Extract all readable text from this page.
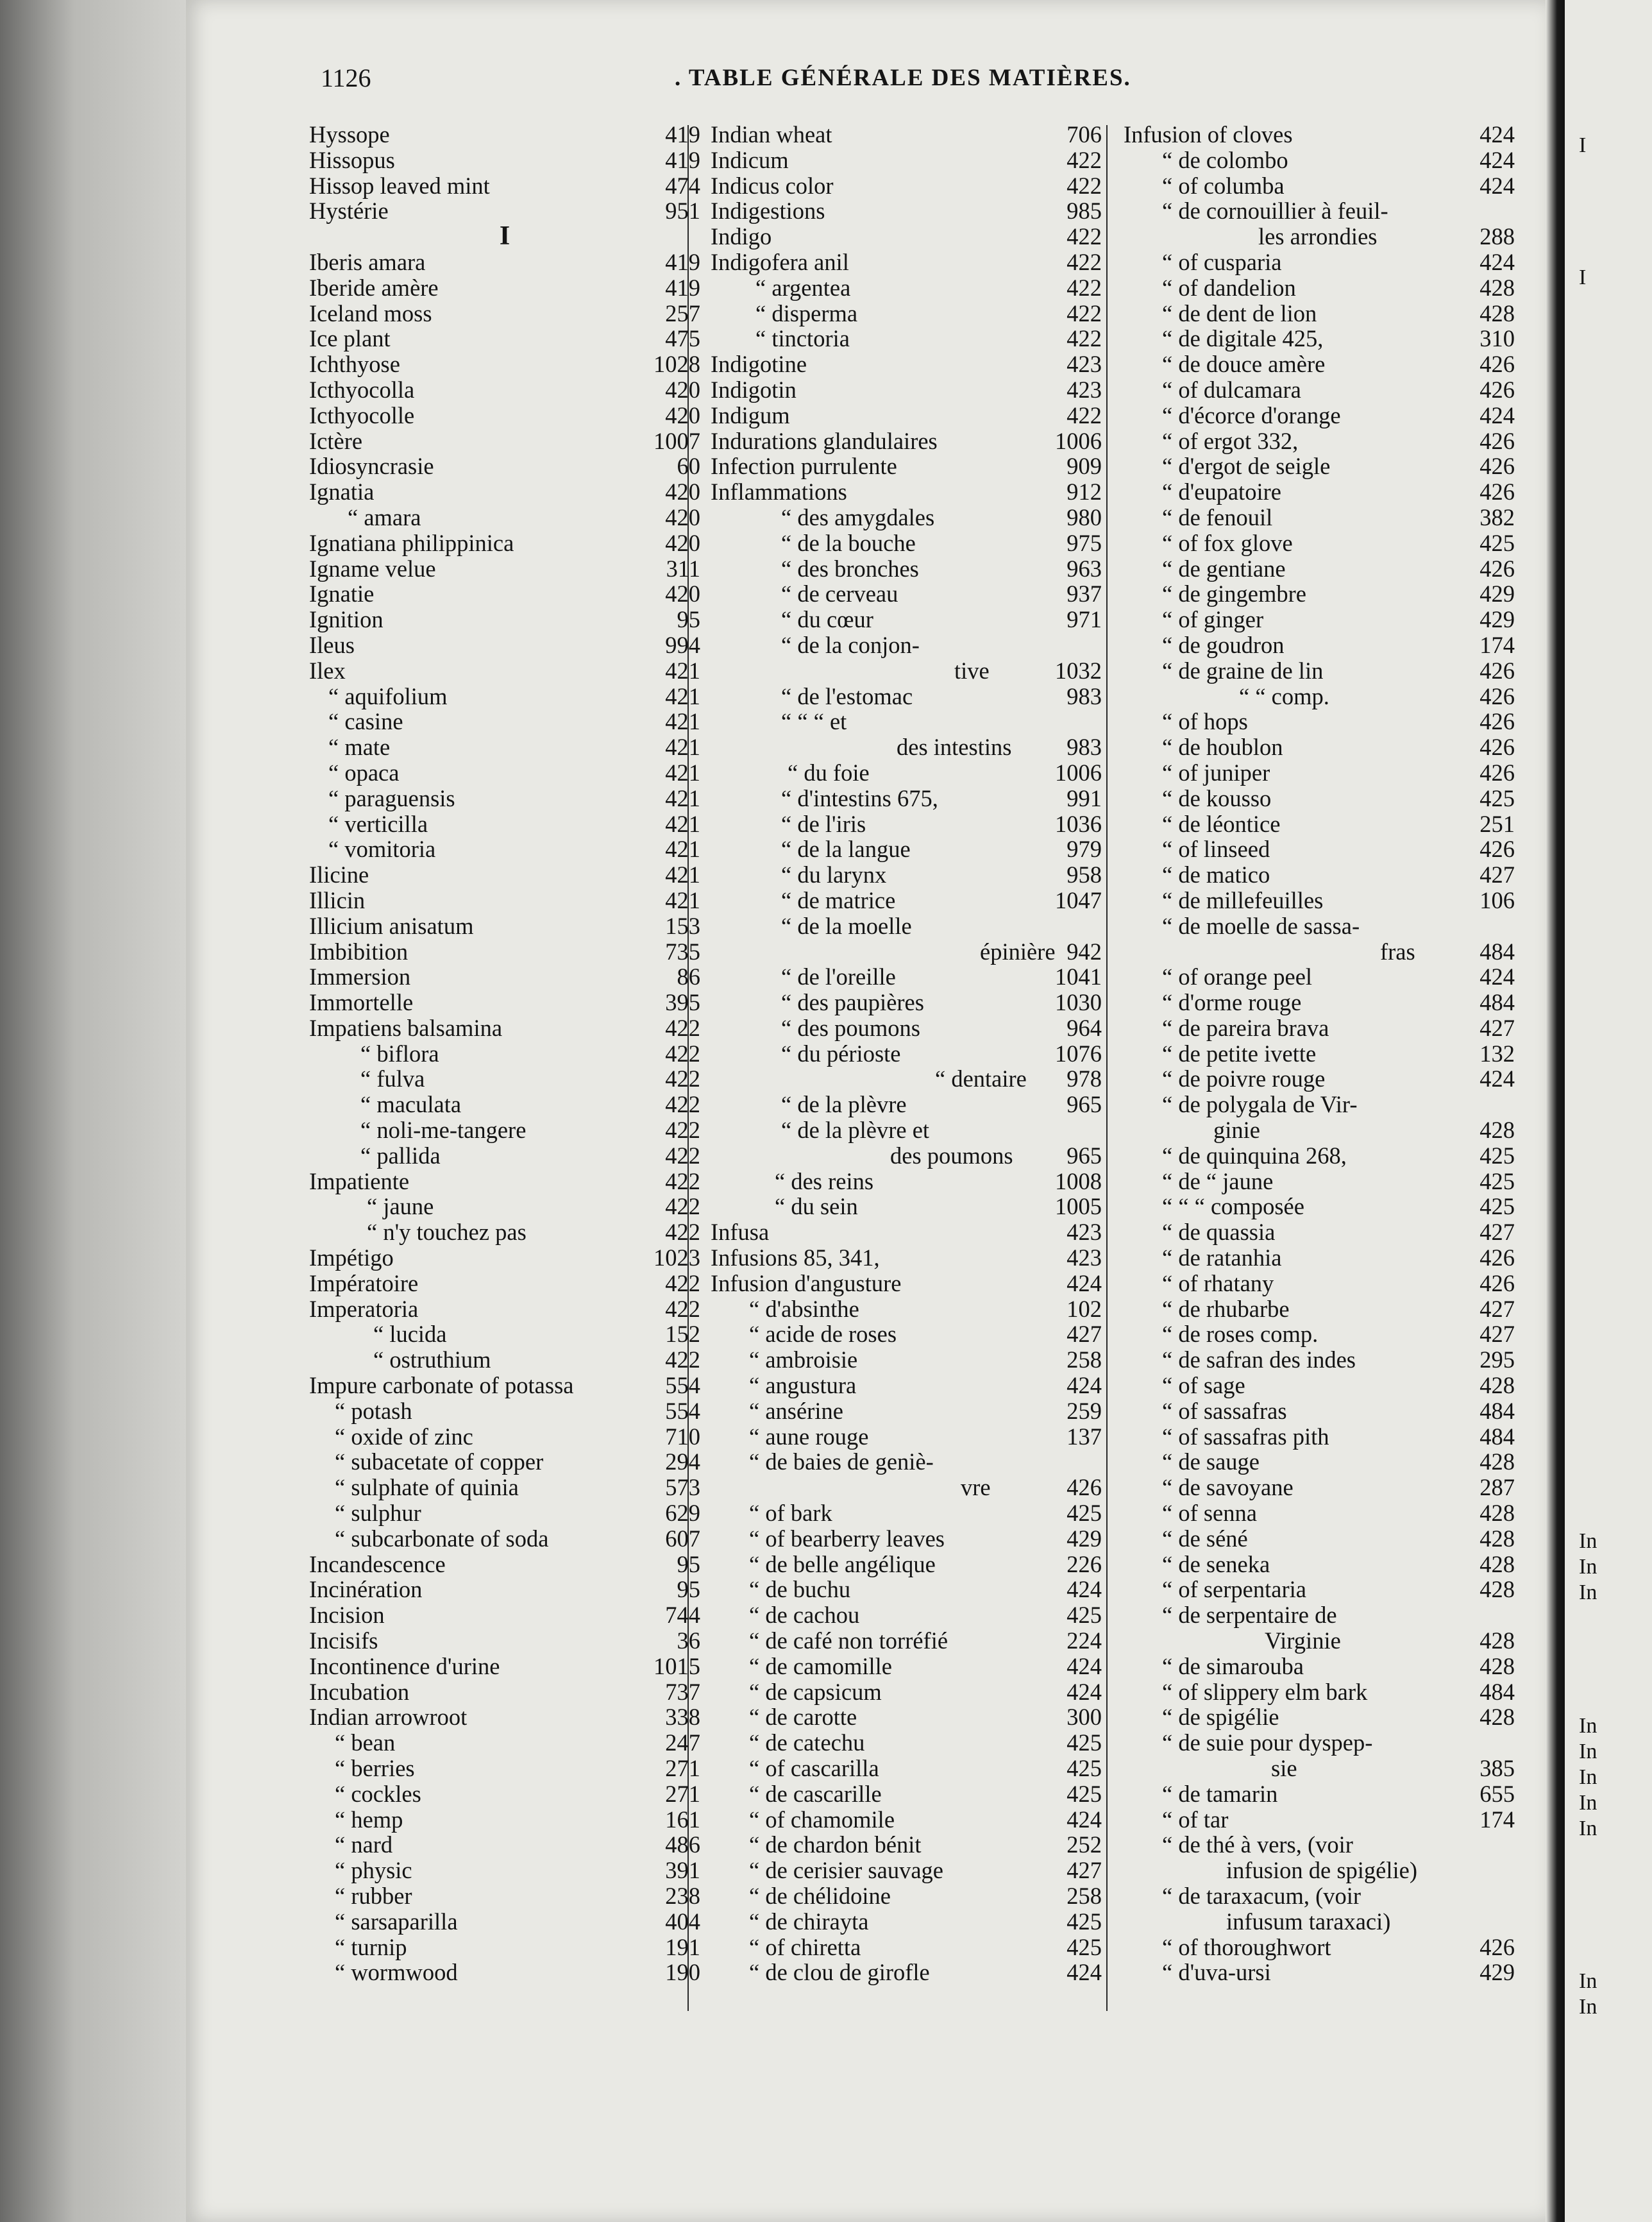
I
I
In
In
In
In
In
In
In
In
In
In
1126	. TABLE GÉNÉRALE DES MATIÈRES.
Hyssope	419
Hissopus	419
Hissop leaved mint	474
Hystérie	951
I
Iberis amara	419
Iberide amère	419
Iceland moss	257
Ice plant	475
Ichthyose	1028
Icthyocolla	420
Icthyocolle	420
Ictère	1007
Idiosyncrasie	60
Ignatia	420
“ amara	420
Ignatiana philippinica	420
Igname velue	311
Ignatie	420
Ignition	95
Ileus	994
Ilex	421
“ aquifolium	421
“ casine	421
“ mate	421
“ opaca	421
“ paraguensis	421
“ verticilla	421
“ vomitoria	421
Ilicine	421
Illicin	421
Illicium anisatum	153
Imbibition	735
Immersion	86
Immortelle	395
Impatiens balsamina	422
“ biflora	422
“ fulva	422
“ maculata	422
“ noli-me-tangere	422
“ pallida	422
Impatiente	422
“ jaune	422
“ n'y touchez pas	422
Impétigo	1023
Impératoire	422
Imperatoria	422
“ lucida	152
“ ostruthium	422
Impure carbonate of potassa	554
“ potash	554
“ oxide of zinc	710
“ subacetate of copper	294
“ sulphate of quinia	573
“ sulphur	629
“ subcarbonate of soda	607
Incandescence	95
Incinération	95
Incision	744
Incisifs	36
Incontinence d'urine	1015
Incubation	737
Indian arrowroot	338
“ bean	247
“ berries	271
“ cockles	271
“ hemp	161
“ nard	486
“ physic	391
“ rubber	238
“ sarsaparilla	404
“ turnip	191
“ wormwood	190
Indian wheat	706
Indicum	422
Indicus color	422
Indigestions	985
Indigo	422
Indigofera anil	422
“ argentea	422
“ disperma	422
“ tinctoria	422
Indigotine	423
Indigotin	423
Indigum	422
Indurations glandulaires	1006
Infection purrulente	909
Inflammations	912
“ des amygdales	980
“ de la bouche	975
“ des bronches	963
“ de cerveau	937
“ du cœur	971
“ de la conjon-
tive	1032
“ de l'estomac	983
“ “ “ et
des intestins 983
“ du foie	1006
“ d'intestins 675,	991
“ de l'iris	1036
“ de la langue	979
“ du larynx	958
“ de matrice	1047
“ de la moelle
épinière 942
“ de l'oreille	1041
“ des paupières	1030
“ des poumons	964
“ du périoste	1076
“ dentaire 978
“ de la plèvre	965
“ de la plèvre et
des poumons 965
“ des reins	1008
“ du sein	1005
Infusa	423
Infusions 85, 341,	423
Infusion d'angusture	424
“ d'absinthe	102
“ acide de roses	427
“ ambroisie	258
“ angustura	424
“ ansérine	259
“ aune rouge	137
“ de baies de geniè-
vre	426
“ of bark	425
“ of bearberry leaves	429
“ de belle angélique	226
“ de buchu	424
“ de cachou	425
“ de café non torréfié	224
“ de camomille	424
“ de capsicum	424
“ de carotte	300
“ de catechu	425
“ of cascarilla	425
“ de cascarille	425
“ of chamomile	424
“ de chardon bénit	252
“ de cerisier sauvage	427
“ de chélidoine	258
“ de chirayta	425
“ of chiretta	425
“ de clou de girofle	424
Infusion of cloves	424
“ de colombo	424
“ of columba	424
“ de cornouillier à feuil-
les arrondies	288
“ of cusparia	424
“ of dandelion	428
“ de dent de lion	428
“ de digitale 425,	310
“ de douce amère	426
“ of dulcamara	426
“ d'écorce d'orange	424
“ of ergot 332,	426
“ d'ergot de seigle	426
“ d'eupatoire	426
“ de fenouil	382
“ of fox glove	425
“ de gentiane	426
“ de gingembre	429
“ of ginger	429
“ de goudron	174
“ de graine de lin	426
“ “ comp.	426
“ of hops	426
“ de houblon	426
“ of juniper	426
“ de kousso	425
“ de léontice	251
“ of linseed	426
“ de matico	427
“ de millefeuilles	106
“ de moelle de sassa-
fras	484
“ of orange peel	424
“ d'orme rouge	484
“ de pareira brava	427
“ de petite ivette	132
“ de poivre rouge	424
“ de polygala de Vir-
ginie	428
“ de quinquina 268,	425
“ de “ jaune	425
“ “ “ composée	425
“ de quassia	427
“ de ratanhia	426
“ of rhatany	426
“ de rhubarbe	427
“ de roses comp.	427
“ de safran des indes	295
“ of sage	428
“ of sassafras	484
“ of sassafras pith	484
“ de sauge	428
“ de savoyane	287
“ of senna	428
“ de séné	428
“ de seneka	428
“ of serpentaria	428
“ de serpentaire de
Virginie	428
“ de simarouba	428
“ of slippery elm bark	484
“ de spigélie	428
“ de suie pour dyspep-
sie	385
“ de tamarin	655
“ of tar	174
“ de thé à vers, (voir
infusion de spigélie)
“ de taraxacum, (voir
infusum taraxaci)
“ of thoroughwort	426
“ d'uva-ursi	429
